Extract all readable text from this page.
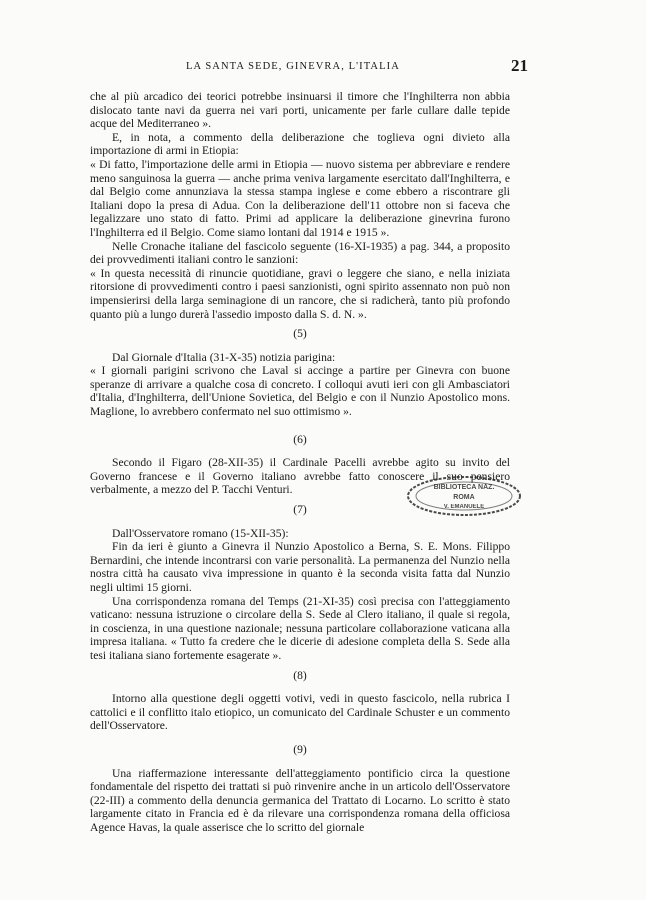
LA SANTA SEDE, GINEVRA, L'ITALIA	21

che al più arcadico dei teorici potrebbe insinuarsi il timore che l'Inghilterra non abbia dislocato tante navi da guerra nei vari porti, unicamente per farle cullare dalle tepide acque del Mediterraneo ».

E, in nota, a commento della deliberazione che toglieva ogni divieto alla importazione di armi in Etiopia:

« Di fatto, l'importazione delle armi in Etiopia — nuovo sistema per abbreviare e rendere meno sanguinosa la guerra — anche prima veniva largamente esercitato dall'Inghilterra, e dal Belgio come annunziava la stessa stampa inglese e come ebbero a riscontrare gli Italiani dopo la presa di Adua. Con la deliberazione dell'11 ottobre non si faceva che legalizzare uno stato di fatto. Primi ad applicare la deliberazione ginevrina furono l'Inghilterra ed il Belgio. Come siamo lontani dal 1914 e 1915 ».

Nelle Cronache italiane del fascicolo seguente (16-XI-1935) a pag. 344, a proposito dei provvedimenti italiani contro le sanzioni:

« In questa necessità di rinuncie quotidiane, gravi o leggere che siano, e nella iniziata ritorsione di provvedimenti contro i paesi sanzionisti, ogni spirito assennato non può non impensierirsi della larga seminagione di un rancore, che si radicherà, tanto più profondo quanto più a lungo durerà l'assedio imposto dalla S. d. N. ».

(5)

Dal Giornale d'Italia (31-X-35) notizia parigina:

« I giornali parigini scrivono che Laval si accinge a partire per Ginevra con buone speranze di arrivare a qualche cosa di concreto. I colloqui avuti ieri con gli Ambasciatori d'Italia, d'Inghilterra, dell'Unione Sovietica, del Belgio e con il Nunzio Apostolico mons. Maglione, lo avrebbero confermato nel suo ottimismo ».

(6)

Secondo il Figaro (28-XII-35) il Cardinale Pacelli avrebbe agito su invito del Governo francese e il Governo italiano avrebbe fatto conoscere il suo pensiero verbalmente, a mezzo del P. Tacchi Venturi.

(7)

Dall'Osservatore romano (15-XII-35):

Fin da ieri è giunto a Ginevra il Nunzio Apostolico a Berna, S. E. Mons. Filippo Bernardini, che intende incontrarsi con varie personalità. La permanenza del Nunzio nella nostra città ha causato viva impressione in quanto è la seconda visita fatta dal Nunzio negli ultimi 15 giorni.

Una corrispondenza romana del Temps (21-XI-35) così precisa con l'atteggiamento vaticano: nessuna istruzione o circolare della S. Sede al Clero italiano, il quale si regola, in coscienza, in una questione nazionale; nessuna particolare collaborazione vaticana alla impresa italiana. « Tutto fa credere che le dicerie di adesione completa della S. Sede alla tesi italiana siano fortemente esagerate ».

(8)

Intorno alla questione degli oggetti votivi, vedi in questo fascicolo, nella rubrica I cattolici e il conflitto italo etiopico, un comunicato del Cardinale Schuster e un commento dell'Osservatore.

(9)

Una riaffermazione interessante dell'atteggiamento pontificio circa la questione fondamentale del rispetto dei trattati si può rinvenire anche in un articolo dell'Osservatore (22-III) a commento della denuncia germanica del Trattato di Locarno. Lo scritto è stato largamente citato in Francia ed è da rilevare una corrispondenza romana della officiosa Agence Havas, la quale asserisce che lo scritto del giornale

BIBLIOTECA NAZ.
ROMA
V. EMANUELE
